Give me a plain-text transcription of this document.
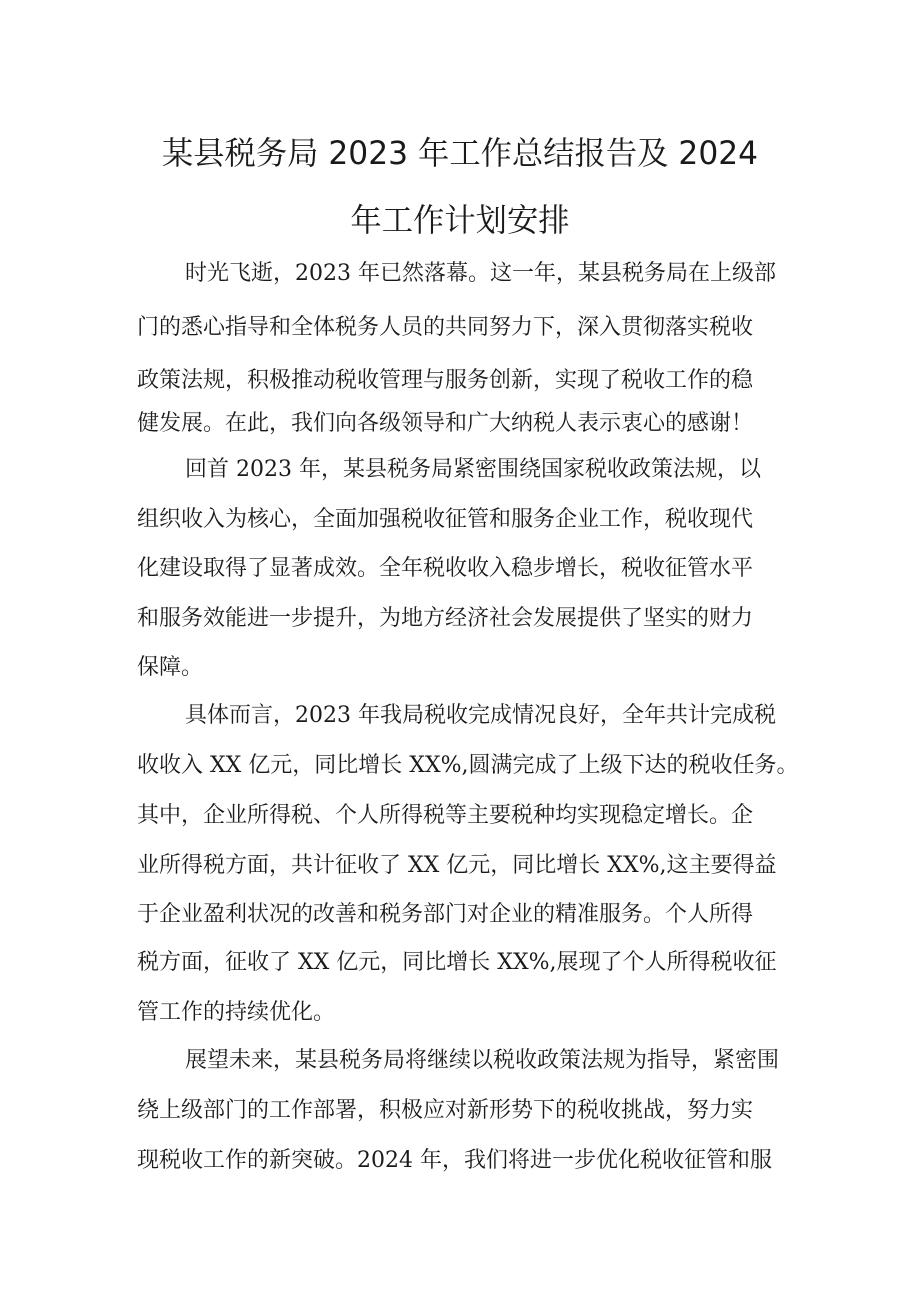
某县税务局 2023 年工作总结报告及 2024
年工作计划安排
时光飞逝，2023 年已然落幕。这一年，某县税务局在上级部
门的悉心指导和全体税务人员的共同努力下，深入贯彻落实税收
政策法规，积极推动税收管理与服务创新，实现了税收工作的稳
健发展。在此，我们向各级领导和广大纳税人表示衷心的感谢！
回首 2023 年，某县税务局紧密围绕国家税收政策法规，以
组织收入为核心，全面加强税收征管和服务企业工作，税收现代
化建设取得了显著成效。全年税收收入稳步增长，税收征管水平
和服务效能进一步提升，为地方经济社会发展提供了坚实的财力
保障。
具体而言，2023 年我局税收完成情况良好，全年共计完成税
收收入 XX 亿元，同比增长 XX%,圆满完成了上级下达的税收任务。
其中，企业所得税、个人所得税等主要税种均实现稳定增长。企
业所得税方面，共计征收了 XX 亿元，同比增长 XX%,这主要得益
于企业盈利状况的改善和税务部门对企业的精准服务。个人所得
税方面，征收了 XX 亿元，同比增长 XX%,展现了个人所得税收征
管工作的持续优化。
展望未来，某县税务局将继续以税收政策法规为指导，紧密围
绕上级部门的工作部署，积极应对新形势下的税收挑战，努力实
现税收工作的新突破。2024 年，我们将进一步优化税收征管和服
